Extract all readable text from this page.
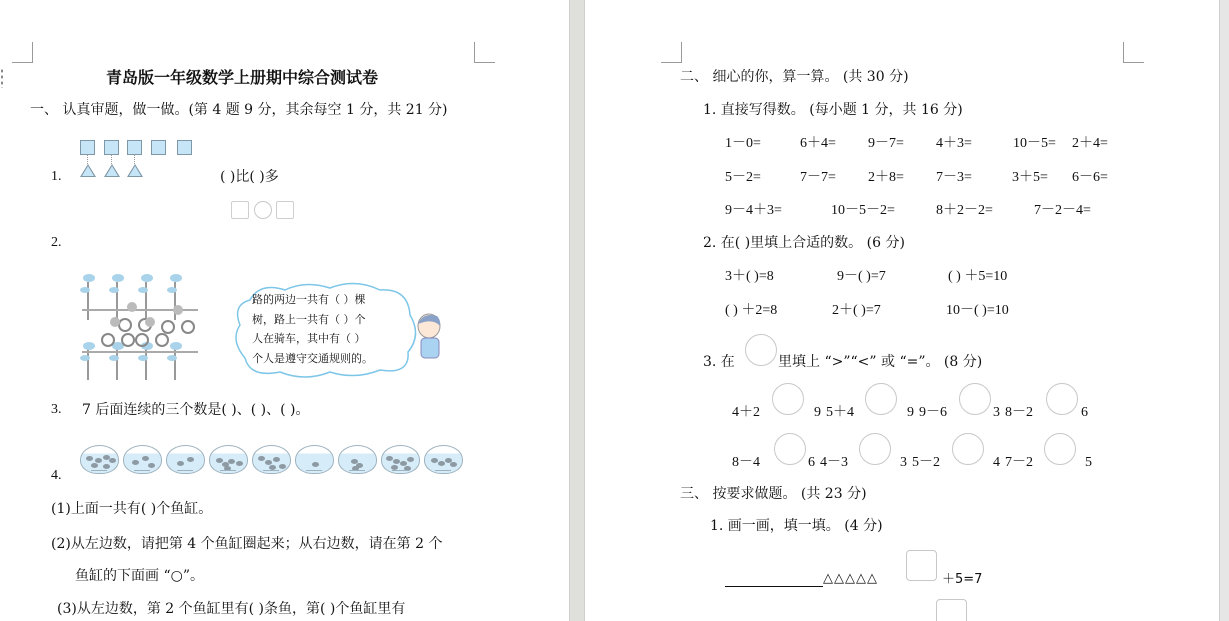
青岛版一年级数学上册期中综合测试卷
一、 认真审题，做一做。(第 4 题 9 分，其余每空 1 分，共 21 分)
1.	( )比( )多
2.
路的两边一共有（ ）棵
树，路上一共有（ ）个
人在骑车，其中有（ ）
个人是遵守交通规则的。
3. 7 后面连续的三个数是( )、( )、( )。
4.
(1)上面一共有( )个鱼缸。
(2)从左边数，请把第 4 个鱼缸圈起来；从右边数，请在第 2 个
鱼缸的下面画 “○”。
(3)从左边数，第 2 个鱼缸里有( )条鱼，第( )个鱼缸里有
二、 细心的你，算一算。 (共 30 分)
1. 直接写得数。 (每小题 1 分，共 16 分)
1－0=	6＋4= 9－7= 4＋3=	10－5= 2＋4=
5－2=	7－7= 2＋8= 7－3=	3＋5= 6－6=
9－4＋3=	10－5－2=	8＋2－2=	7－2－4=
2. 在( )里填上合适的数。 (6 分)
3＋( )=8	9－( )=7	( ) ＋5=10
( ) ＋2=8	2＋( )=7	10－( )=10
3. 在	里填上 “>”“<” 或 “=”。 (8 分)
4＋2	9 5＋4	9 9－6	3 8－2	6
8－4	6 4－3	3 5－2	4 7－2	5
三、 按要求做题。 (共 23 分)
1. 画一画，填一填。 (4 分)
△△△△△	＋5=7
